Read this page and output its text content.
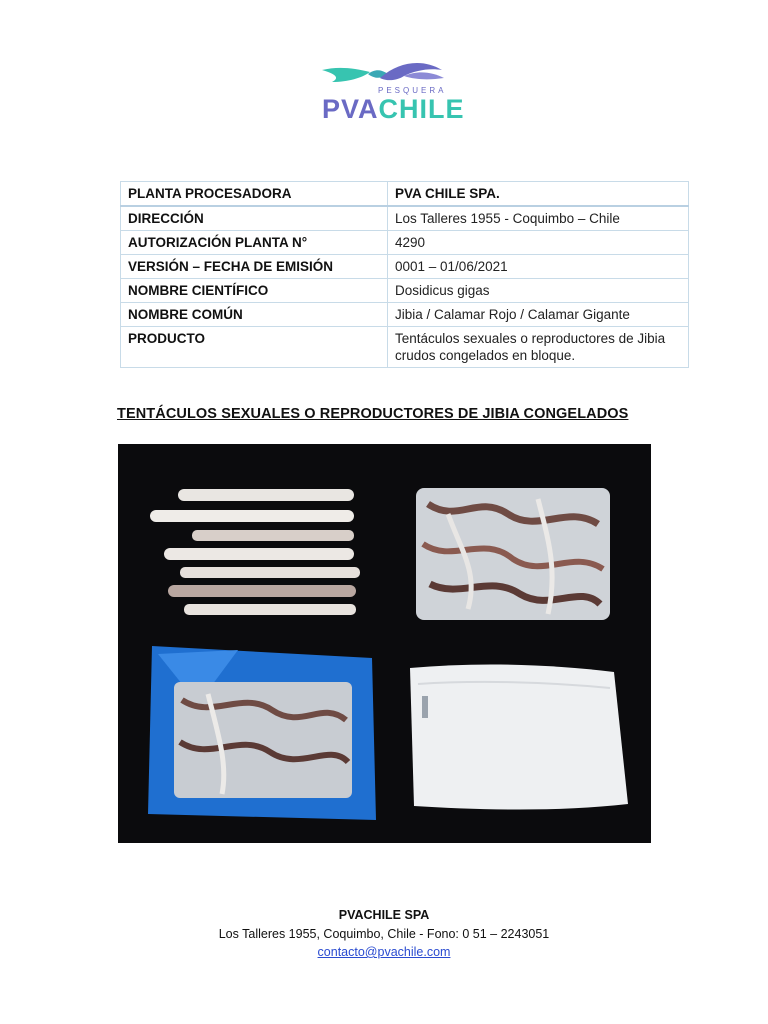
PESQUERA
PVACHILE
PLANTA PROCESADORA	PVA CHILE SPA.
DIRECCIÓN	Los Talleres 1955 - Coquimbo – Chile
AUTORIZACIÓN PLANTA N°	4290
VERSIÓN – FECHA DE EMISIÓN	0001 – 01/06/2021
NOMBRE CIENTÍFICO	Dosidicus gigas
NOMBRE COMÚN	Jibia / Calamar Rojo / Calamar Gigante
PRODUCTO	Tentáculos sexuales o reproductores de Jibia crudos congelados en bloque.
TENTÁCULOS SEXUALES O REPRODUCTORES DE JIBIA CONGELADOS
PVACHILE SPA
Los Talleres 1955, Coquimbo, Chile - Fono: 0 51 – 2243051
contacto@pvachile.com
